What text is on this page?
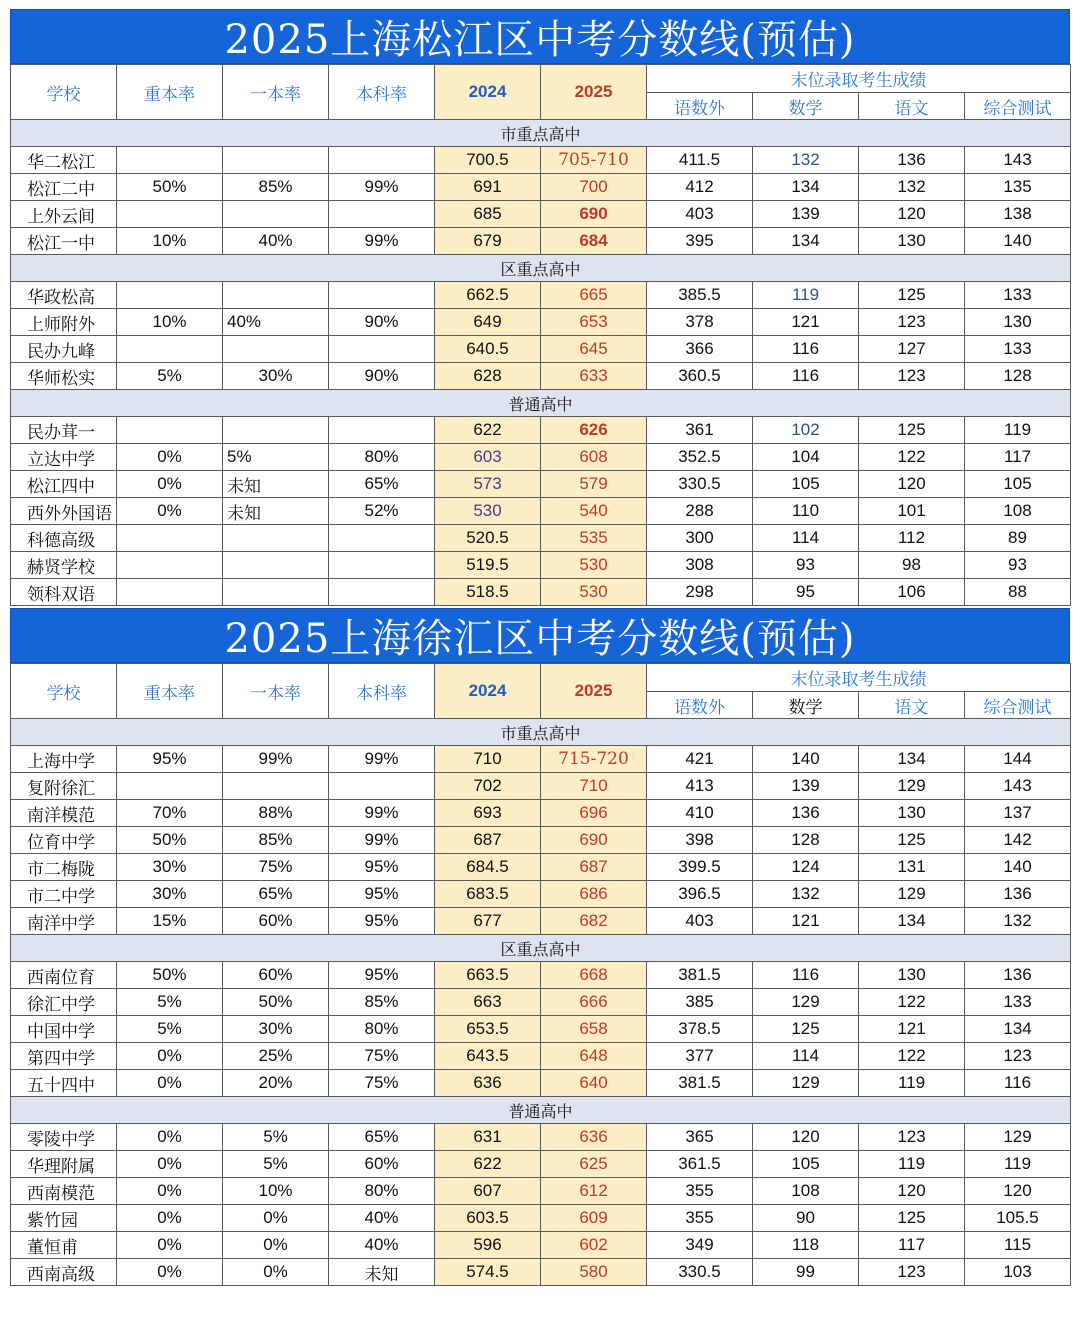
2025上海松江区中考分数线(预估)
学校	重本率	一本率	本科率	2024	2025	末位录取考生成绩			
						语数外	数学	语文	综合测试
市重点高中									
华二松江				700.5	705-710	411.5	132	136	143
松江二中	50%	85%	99%	691	700	412	134	132	135
上外云间				685	690	403	139	120	138
松江一中	10%	40%	99%	679	684	395	134	130	140
区重点高中									
华政松高				662.5	665	385.5	119	125	133
上师附外	10%	40%	90%	649	653	378	121	123	130
民办九峰				640.5	645	366	116	127	133
华师松实	5%	30%	90%	628	633	360.5	116	123	128
普通高中									
民办茸一				622	626	361	102	125	119
立达中学	0%	5%	80%	603	608	352.5	104	122	117
松江四中	0%	未知	65%	573	579	330.5	105	120	105
西外外国语	0%	未知	52%	530	540	288	110	101	108
科德高级				520.5	535	300	114	112	89
赫贤学校				519.5	530	308	93	98	93
领科双语				518.5	530	298	95	106	88
2025上海徐汇区中考分数线(预估)
学校	重本率	一本率	本科率	2024	2025	末位录取考生成绩			
						语数外	数学	语文	综合测试
市重点高中									
上海中学	95%	99%	99%	710	715-720	421	140	134	144
复附徐汇				702	710	413	139	129	143
南洋模范	70%	88%	99%	693	696	410	136	130	137
位育中学	50%	85%	99%	687	690	398	128	125	142
市二梅陇	30%	75%	95%	684.5	687	399.5	124	131	140
市二中学	30%	65%	95%	683.5	686	396.5	132	129	136
南洋中学	15%	60%	95%	677	682	403	121	134	132
区重点高中									
西南位育	50%	60%	95%	663.5	668	381.5	116	130	136
徐汇中学	5%	50%	85%	663	666	385	129	122	133
中国中学	5%	30%	80%	653.5	658	378.5	125	121	134
第四中学	0%	25%	75%	643.5	648	377	114	122	123
五十四中	0%	20%	75%	636	640	381.5	129	119	116
普通高中									
零陵中学	0%	5%	65%	631	636	365	120	123	129
华理附属	0%	5%	60%	622	625	361.5	105	119	119
西南模范	0%	10%	80%	607	612	355	108	120	120
紫竹园	0%	0%	40%	603.5	609	355	90	125	105.5
董恒甫	0%	0%	40%	596	602	349	118	117	115
西南高级	0%	0%	未知	574.5	580	330.5	99	123	103
